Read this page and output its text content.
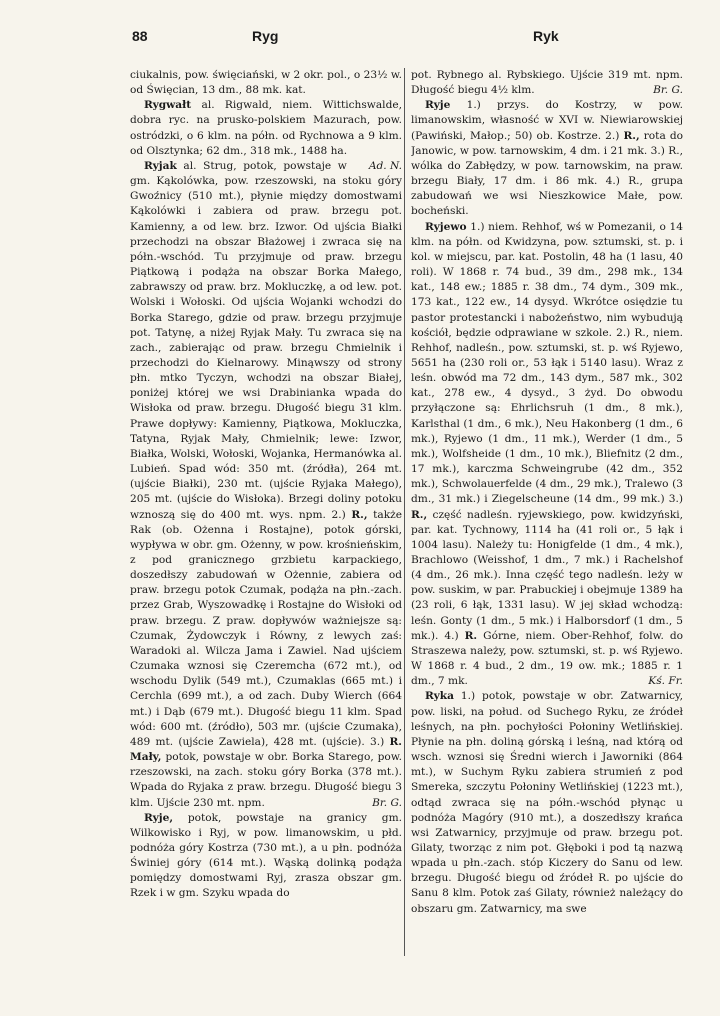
88	Ryg	Ryk

ciukalnis, pow. święciański, w 2 okr. pol., o 23½ w. od Święcian, 13 dm., 88 mk. kat.

Rygwałt al. Rigwald, niem. Wittichswalde, dobra ryc. na prusko-polskiem Mazurach, pow. ostródzki, o 6 klm. na półn. od Rychnowa a 9 klm. od Olsztynka; 62 dm., 318 mk., 1488 ha.
Ad. N.

Ryjak al. Strug, potok, powstaje w gm. Kąkolówka, pow. rzeszowski, na stoku góry Gwoźnicy (510 mt.), płynie między domostwami Kąkolówki i zabiera od praw. brzegu pot. Kamienny, a od lew. brz. Izwor. Od ujścia Białki przechodzi na obszar Błażowej i zwraca się na półn.-wschód. Tu przyjmuje od praw. brzegu Piątkową i podąża na obszar Borka Małego, zabrawszy od praw. brz. Mokluczkę, a od lew. pot. Wolski i Wołoski. Od ujścia Wojanki wchodzi do Borka Starego, gdzie od praw. brzegu przyjmuje pot. Tatynę, a niżej Ryjak Mały. Tu zwraca się na zach., zabierając od praw. brzegu Chmielnik i przechodzi do Kielnarowy. Minąwszy od strony płn. mtko Tyczyn, wchodzi na obszar Białej, poniżej której we wsi Drabinianka wpada do Wisłoka od praw. brzegu. Długość biegu 31 klm. Prawe dopływy: Kamienny, Piątkowa, Mokluczka, Tatyna, Ryjak Mały, Chmielnik; lewe: Izwor, Białka, Wolski, Wołoski, Wojanka, Hermanówka al. Lubień. Spad wód: 350 mt. (źródła), 264 mt. (ujście Białki), 230 mt. (ujście Ryjaka Małego), 205 mt. (ujście do Wisłoka). Brzegi doliny potoku wznoszą się do 400 mt. wys. npm. 2.) R., także Rak (ob. Ożenna i Rostajne), potok górski, wypływa w obr. gm. Ożenny, w pow. krośnieńskim, z pod granicznego grzbietu karpackiego, doszedłszy zabudowań w Ożennie, zabiera od praw. brzegu potok Czumak, podąża na płn.-zach. przez Grab, Wyszowadkę i Rostajne do Wisłoki od praw. brzegu. Z praw. dopływów ważniejsze są: Czumak, Żydowczyk i Równy, z lewych zaś: Waradoki al. Wilcza Jama i Zawiel. Nad ujściem Czumaka wznosi się Czeremcha (672 mt.), od wschodu Dylik (549 mt.), Czumaklas (665 mt.) i Cerchla (699 mt.), a od zach. Duby Wierch (664 mt.) i Dąb (679 mt.). Długość biegu 11 klm. Spad wód: 600 mt. (źródło), 503 mr. (ujście Czumaka), 489 mt. (ujście Zawiela), 428 mt. (ujście). 3.) R. Mały, potok, powstaje w obr. Borka Starego, pow. rzeszowski, na zach. stoku góry Borka (378 mt.). Wpada do Ryjaka z praw. brzegu. Długość biegu 3 klm. Ujście 230 mt. npm.	Br. G.

Ryje, potok, powstaje na granicy gm. Wilkowisko i Ryj, w pow. limanowskim, u płd. podnóża góry Kostrza (730 mt.), a u płn. podnóża Świniej góry (614 mt.). Wąską dolinką podąża pomiędzy domostwami Ryj, zrasza obszar gm. Rzek i w gm. Szyku wpada do

pot. Rybnego al. Rybskiego. Ujście 319 mt. npm. Długość biegu 4½ klm.	Br. G.

Ryje 1.) przys. do Kostrzy, w pow. limanowskim, własność w XVI w. Niewiarowskiej (Pawiński, Małop.; 50) ob. Kostrze. 2.) R., rota do Janowic, w pow. tarnowskim, 4 dm. i 21 mk. 3.) R., wólka do Zabłędzy, w pow. tarnowskim, na praw. brzegu Biały, 17 dm. i 86 mk. 4.) R., grupa zabudowań we wsi Nieszkowice Małe, pow. bocheński.

Ryjewo 1.) niem. Rehhof, wś w Pomezanii, o 14 klm. na półn. od Kwidzyna, pow. sztumski, st. p. i kol. w miejscu, par. kat. Postolin, 48 ha (1 lasu, 40 roli). W 1868 r. 74 bud., 39 dm., 298 mk., 134 kat., 148 ew.; 1885 r. 38 dm., 74 dym., 309 mk., 173 kat., 122 ew., 14 dysyd. Wkrótce osiędzie tu pastor protestancki i nabożeństwo, nim wybudują kościół, będzie odprawiane w szkole. 2.) R., niem. Rehhof, nadleśn., pow. sztumski, st. p. wś Ryjewo, 5651 ha (230 roli or., 53 łąk i 5140 lasu). Wraz z leśn. obwód ma 72 dm., 143 dym., 587 mk., 302 kat., 278 ew., 4 dysyd., 3 żyd. Do obwodu przyłączone są: Ehrlichsruh (1 dm., 8 mk.), Karlsthal (1 dm., 6 mk.), Neu Hakonberg (1 dm., 6 mk.), Ryjewo (1 dm., 11 mk.), Werder (1 dm., 5 mk.), Wolfsheide (1 dm., 10 mk.), Bliefnitz (2 dm., 17 mk.), karczma Schweingrube (42 dm., 352 mk.), Schwolauerfelde (4 dm., 29 mk.), Tralewo (3 dm., 31 mk.) i Ziegelscheune (14 dm., 99 mk.) 3.) R., część nadleśn. ryjewskiego, pow. kwidzyński, par. kat. Tychnowy, 1114 ha (41 roli or., 5 łąk i 1004 lasu). Należy tu: Honigfelde (1 dm., 4 mk.), Brachlowo (Weisshof, 1 dm., 7 mk.) i Rachelshof (4 dm., 26 mk.). Inna część tego nadleśn. leży w pow. suskim, w par. Prabuckiej i obejmuje 1389 ha (23 roli, 6 łąk, 1331 lasu). W jej skład wchodzą: leśn. Gonty (1 dm., 5 mk.) i Halborsdorf (1 dm., 5 mk.). 4.) R. Górne, niem. Ober-Rehhof, folw. do Straszewa należy, pow. sztumski, st. p. wś Ryjewo. W 1868 r. 4 bud., 2 dm., 19 ow. mk.; 1885 r. 1 dm., 7 mk.	Kś. Fr.

Ryka 1.) potok, powstaje w obr. Zatwarnicy, pow. liski, na połud. od Suchego Ryku, ze źródeł leśnych, na płn. pochyłości Połoniny Wetlińskiej. Płynie na płn. doliną górską i leśną, nad którą od wsch. wznosi się Średni wierch i Jaworniki (864 mt.), w Suchym Ryku zabiera strumień z pod Smereka, szczytu Połoniny Wetlińskiej (1223 mt.), odtąd zwraca się na półn.-wschód płynąc u podnóża Magóry (910 mt.), a doszedłszy krańca wsi Zatwarnicy, przyjmuje od praw. brzegu pot. Gilaty, tworząc z nim pot. Głęboki i pod tą nazwą wpada u płn.-zach. stóp Kiczery do Sanu od lew. brzegu. Długość biegu od źródeł R. po ujście do Sanu 8 klm. Potok zaś Gilaty, również należący do obszaru gm. Zatwarnicy, ma swe
